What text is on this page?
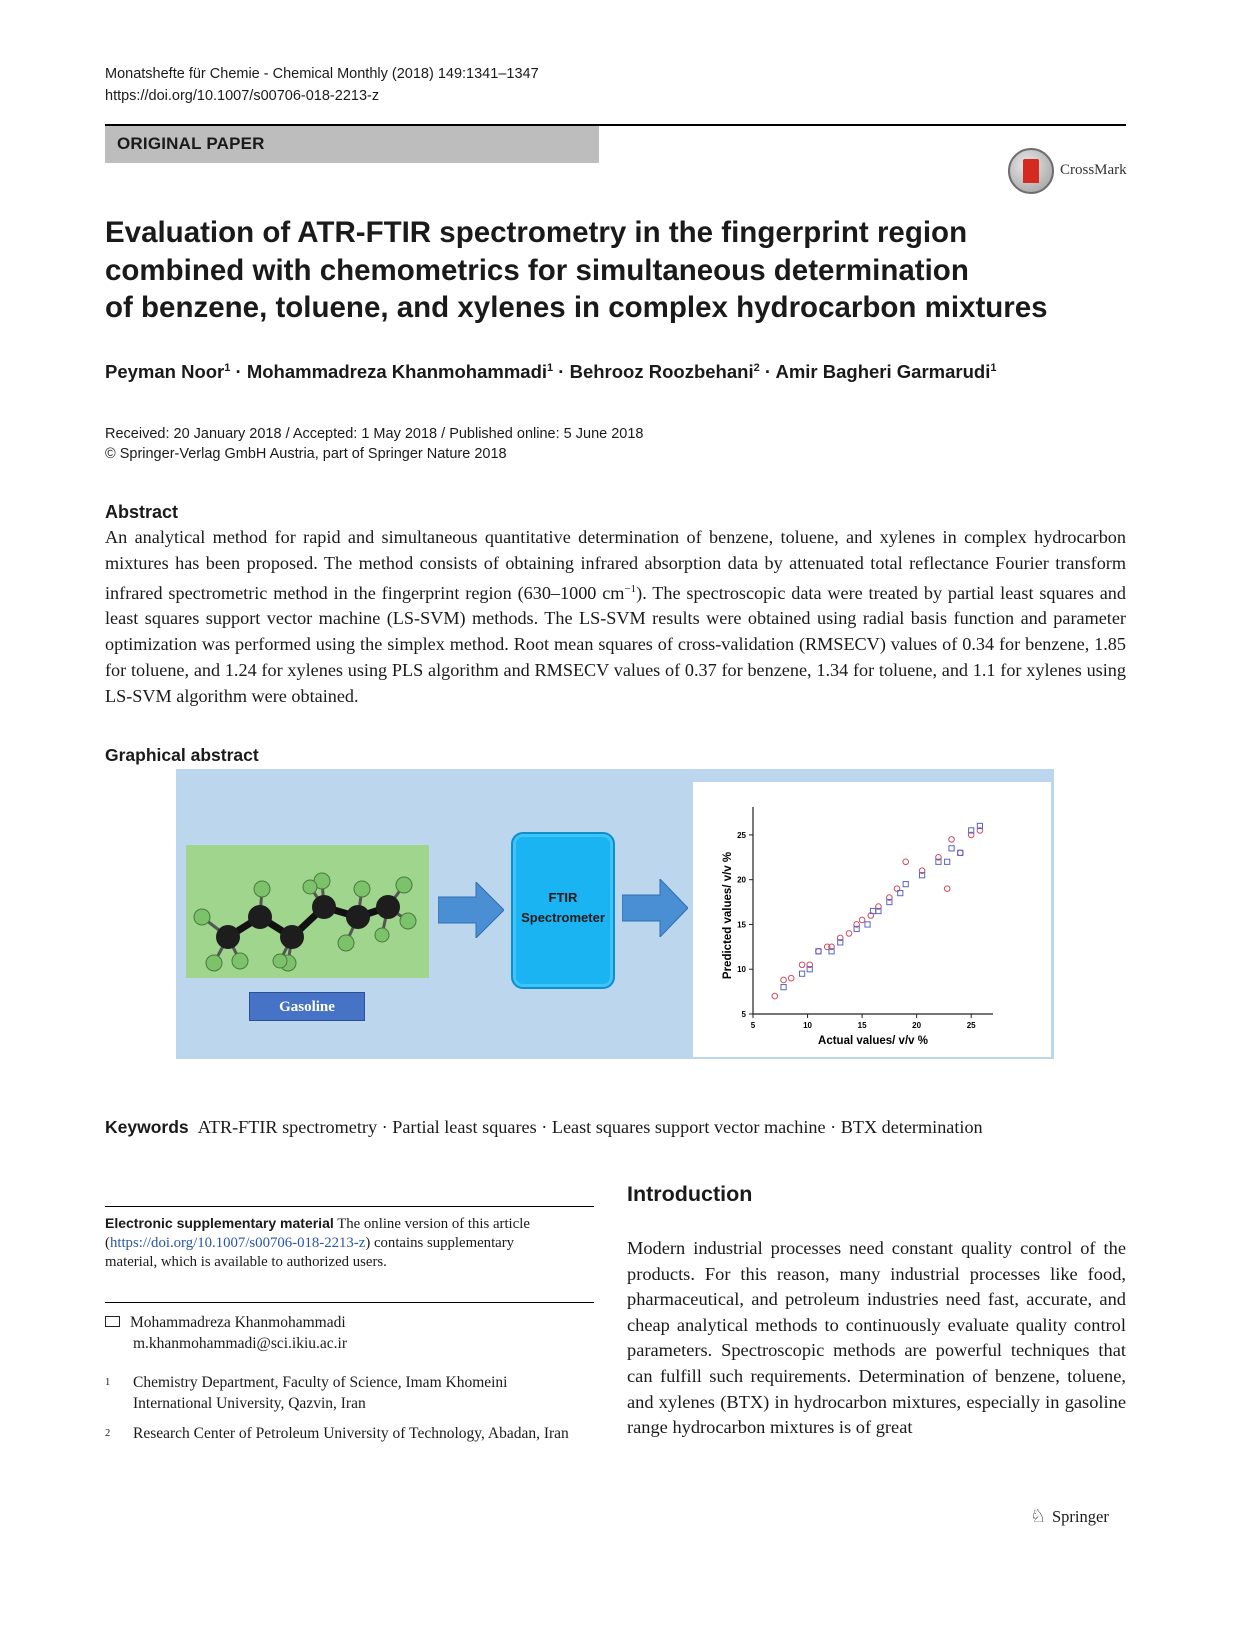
Monatshefte für Chemie - Chemical Monthly (2018) 149:1341–1347
https://doi.org/10.1007/s00706-018-2213-z
ORIGINAL PAPER
CrossMark
Evaluation of ATR-FTIR spectrometry in the fingerprint region
combined with chemometrics for simultaneous determination
of benzene, toluene, and xylenes in complex hydrocarbon mixtures
Peyman Noor$^1$ · Mohammadreza Khanmohammadi$^1$ · Behrooz Roozbehani$^2$ · Amir Bagheri Garmarudi$^1$
Received: 20 January 2018 / Accepted: 1 May 2018 / Published online: 5 June 2018
© Springer-Verlag GmbH Austria, part of Springer Nature 2018
Abstract
An analytical method for rapid and simultaneous quantitative determination of benzene, toluene, and xylenes in complex hydrocarbon mixtures has been proposed. The method consists of obtaining infrared absorption data by attenuated total reflectance Fourier transform infrared spectrometric method in the fingerprint region (630–1000 $cm^{-1}$). The spectroscopic data were treated by partial least squares and least squares support vector machine (LS-SVM) methods. The LS-SVM results were obtained using radial basis function and parameter optimization was performed using the simplex method. Root mean squares of cross-validation (RMSECV) values of 0.34 for benzene, 1.85 for toluene, and 1.24 for xylenes using PLS algorithm and RMSECV values of 0.37 for benzene, 1.34 for toluene, and 1.1 for xylenes using LS-SVM algorithm were obtained.
Graphical abstract
Gasoline
FTIR
Spectrometer
5	10	15	20	25
5
10
15
20
25
Actual values/ v/v %
Predicted values/ v/v %
Keywords ATR-FTIR spectrometry · Partial least squares · Least squares support vector machine · BTX determination
Electronic supplementary material The online version of this article (https://doi.org/10.1007/s00706-018-2213-z) contains supplementary material, which is available to authorized users.
Mohammadreza Khanmohammadi
m.khanmohammadi@sci.ikiu.ac.ir
1 Chemistry Department, Faculty of Science, Imam Khomeini International University, Qazvin, Iran
2 Research Center of Petroleum University of Technology, Abadan, Iran
Introduction
Modern industrial processes need constant quality control of the products. For this reason, many industrial processes like food, pharmaceutical, and petroleum industries need fast, accurate, and cheap analytical methods to continuously evaluate quality control parameters. Spectroscopic methods are powerful techniques that can fulfill such requirements. Determination of benzene, toluene, and xylenes (BTX) in hydrocarbon mixtures, especially in gasoline range hydrocarbon mixtures is of great
♘ Springer
